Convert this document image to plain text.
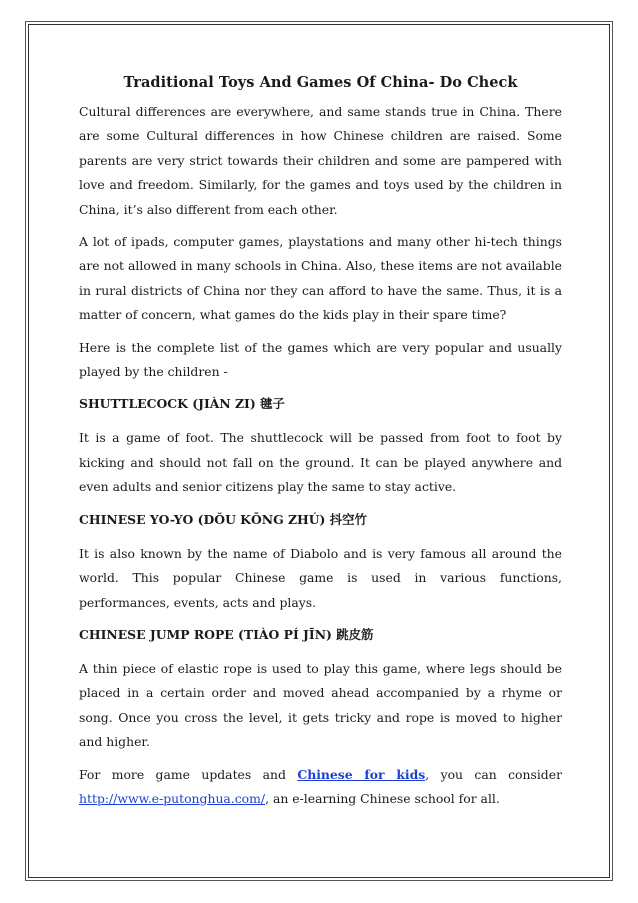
Traditional Toys And Games Of China- Do Check

Cultural differences are everywhere, and same stands true in China. There are some Cultural differences in how Chinese children are raised. Some parents are very strict towards their children and some are pampered with love and freedom. Similarly, for the games and toys used by the children in China, it’s also different from each other.

A lot of ipads, computer games, playstations and many other hi-tech things are not allowed in many schools in China. Also, these items are not available in rural districts of China nor they can afford to have the same. Thus, it is a matter of concern, what games do the kids play in their spare time?

Here is the complete list of the games which are very popular and usually played by the children -

SHUTTLECOCK (JIÀN ZI) 毽子

It is a game of foot. The shuttlecock will be passed from foot to foot by kicking and should not fall on the ground. It can be played anywhere and even adults and senior citizens play the same to stay active.

CHINESE YO-YO (DǑU KŌNG ZHÚ) 抖空竹

It is also known by the name of Diabolo and is very famous all around the world. This popular Chinese game is used in various functions, performances, events, acts and plays.

CHINESE JUMP ROPE (TIÀO PÍ JĪN) 跳皮筋

A thin piece of elastic rope is used to play this game, where legs should be placed in a certain order and moved ahead accompanied by a rhyme or song. Once you cross the level, it gets tricky and rope is moved to higher and higher.

For more game updates and Chinese for kids, you can consider http://www.e-putonghua.com/, an e-learning Chinese school for all.
